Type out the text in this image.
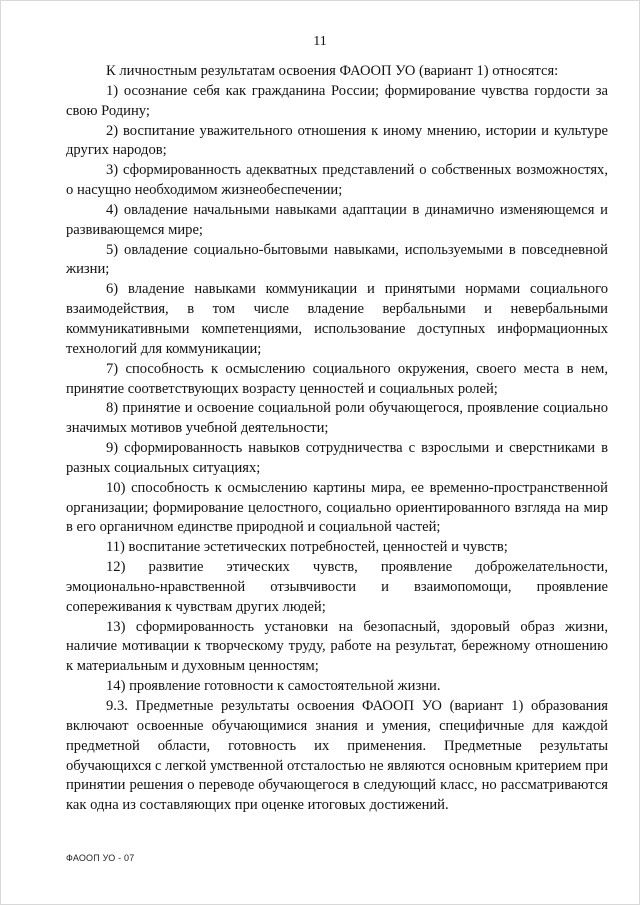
11

К личностным результатам освоения ФАООП УО (вариант 1) относятся:

1) осознание себя как гражданина России; формирование чувства гордости за свою Родину;

2) воспитание уважительного отношения к иному мнению, истории и культуре других народов;

3) сформированность адекватных представлений о собственных возможностях, о насущно необходимом жизнеобеспечении;

4) овладение начальными навыками адаптации в динамично изменяющемся и развивающемся мире;

5) овладение социально-бытовыми навыками, используемыми в повседневной жизни;

6) владение навыками коммуникации и принятыми нормами социального взаимодействия, в том числе владение вербальными и невербальными коммуникативными компетенциями, использование доступных информационных технологий для коммуникации;

7) способность к осмыслению социального окружения, своего места в нем, принятие соответствующих возрасту ценностей и социальных ролей;

8) принятие и освоение социальной роли обучающегося, проявление социально значимых мотивов учебной деятельности;

9) сформированность навыков сотрудничества с взрослыми и сверстниками в разных социальных ситуациях;

10) способность к осмыслению картины мира, ее временно-пространственной организации; формирование целостного, социально ориентированного взгляда на мир в его органичном единстве природной и социальной частей;

11) воспитание эстетических потребностей, ценностей и чувств;

12) развитие этических чувств, проявление доброжелательности, эмоционально-нравственной отзывчивости и взаимопомощи, проявление сопереживания к чувствам других людей;

13) сформированность установки на безопасный, здоровый образ жизни, наличие мотивации к творческому труду, работе на результат, бережному отношению к материальным и духовным ценностям;

14) проявление готовности к самостоятельной жизни.

9.3. Предметные результаты освоения ФАООП УО (вариант 1) образования включают освоенные обучающимися знания и умения, специфичные для каждой предметной области, готовность их применения. Предметные результаты обучающихся с легкой умственной отсталостью не являются основным критерием при принятии решения о переводе обучающегося в следующий класс, но рассматриваются как одна из составляющих при оценке итоговых достижений.

ФАООП УО - 07
